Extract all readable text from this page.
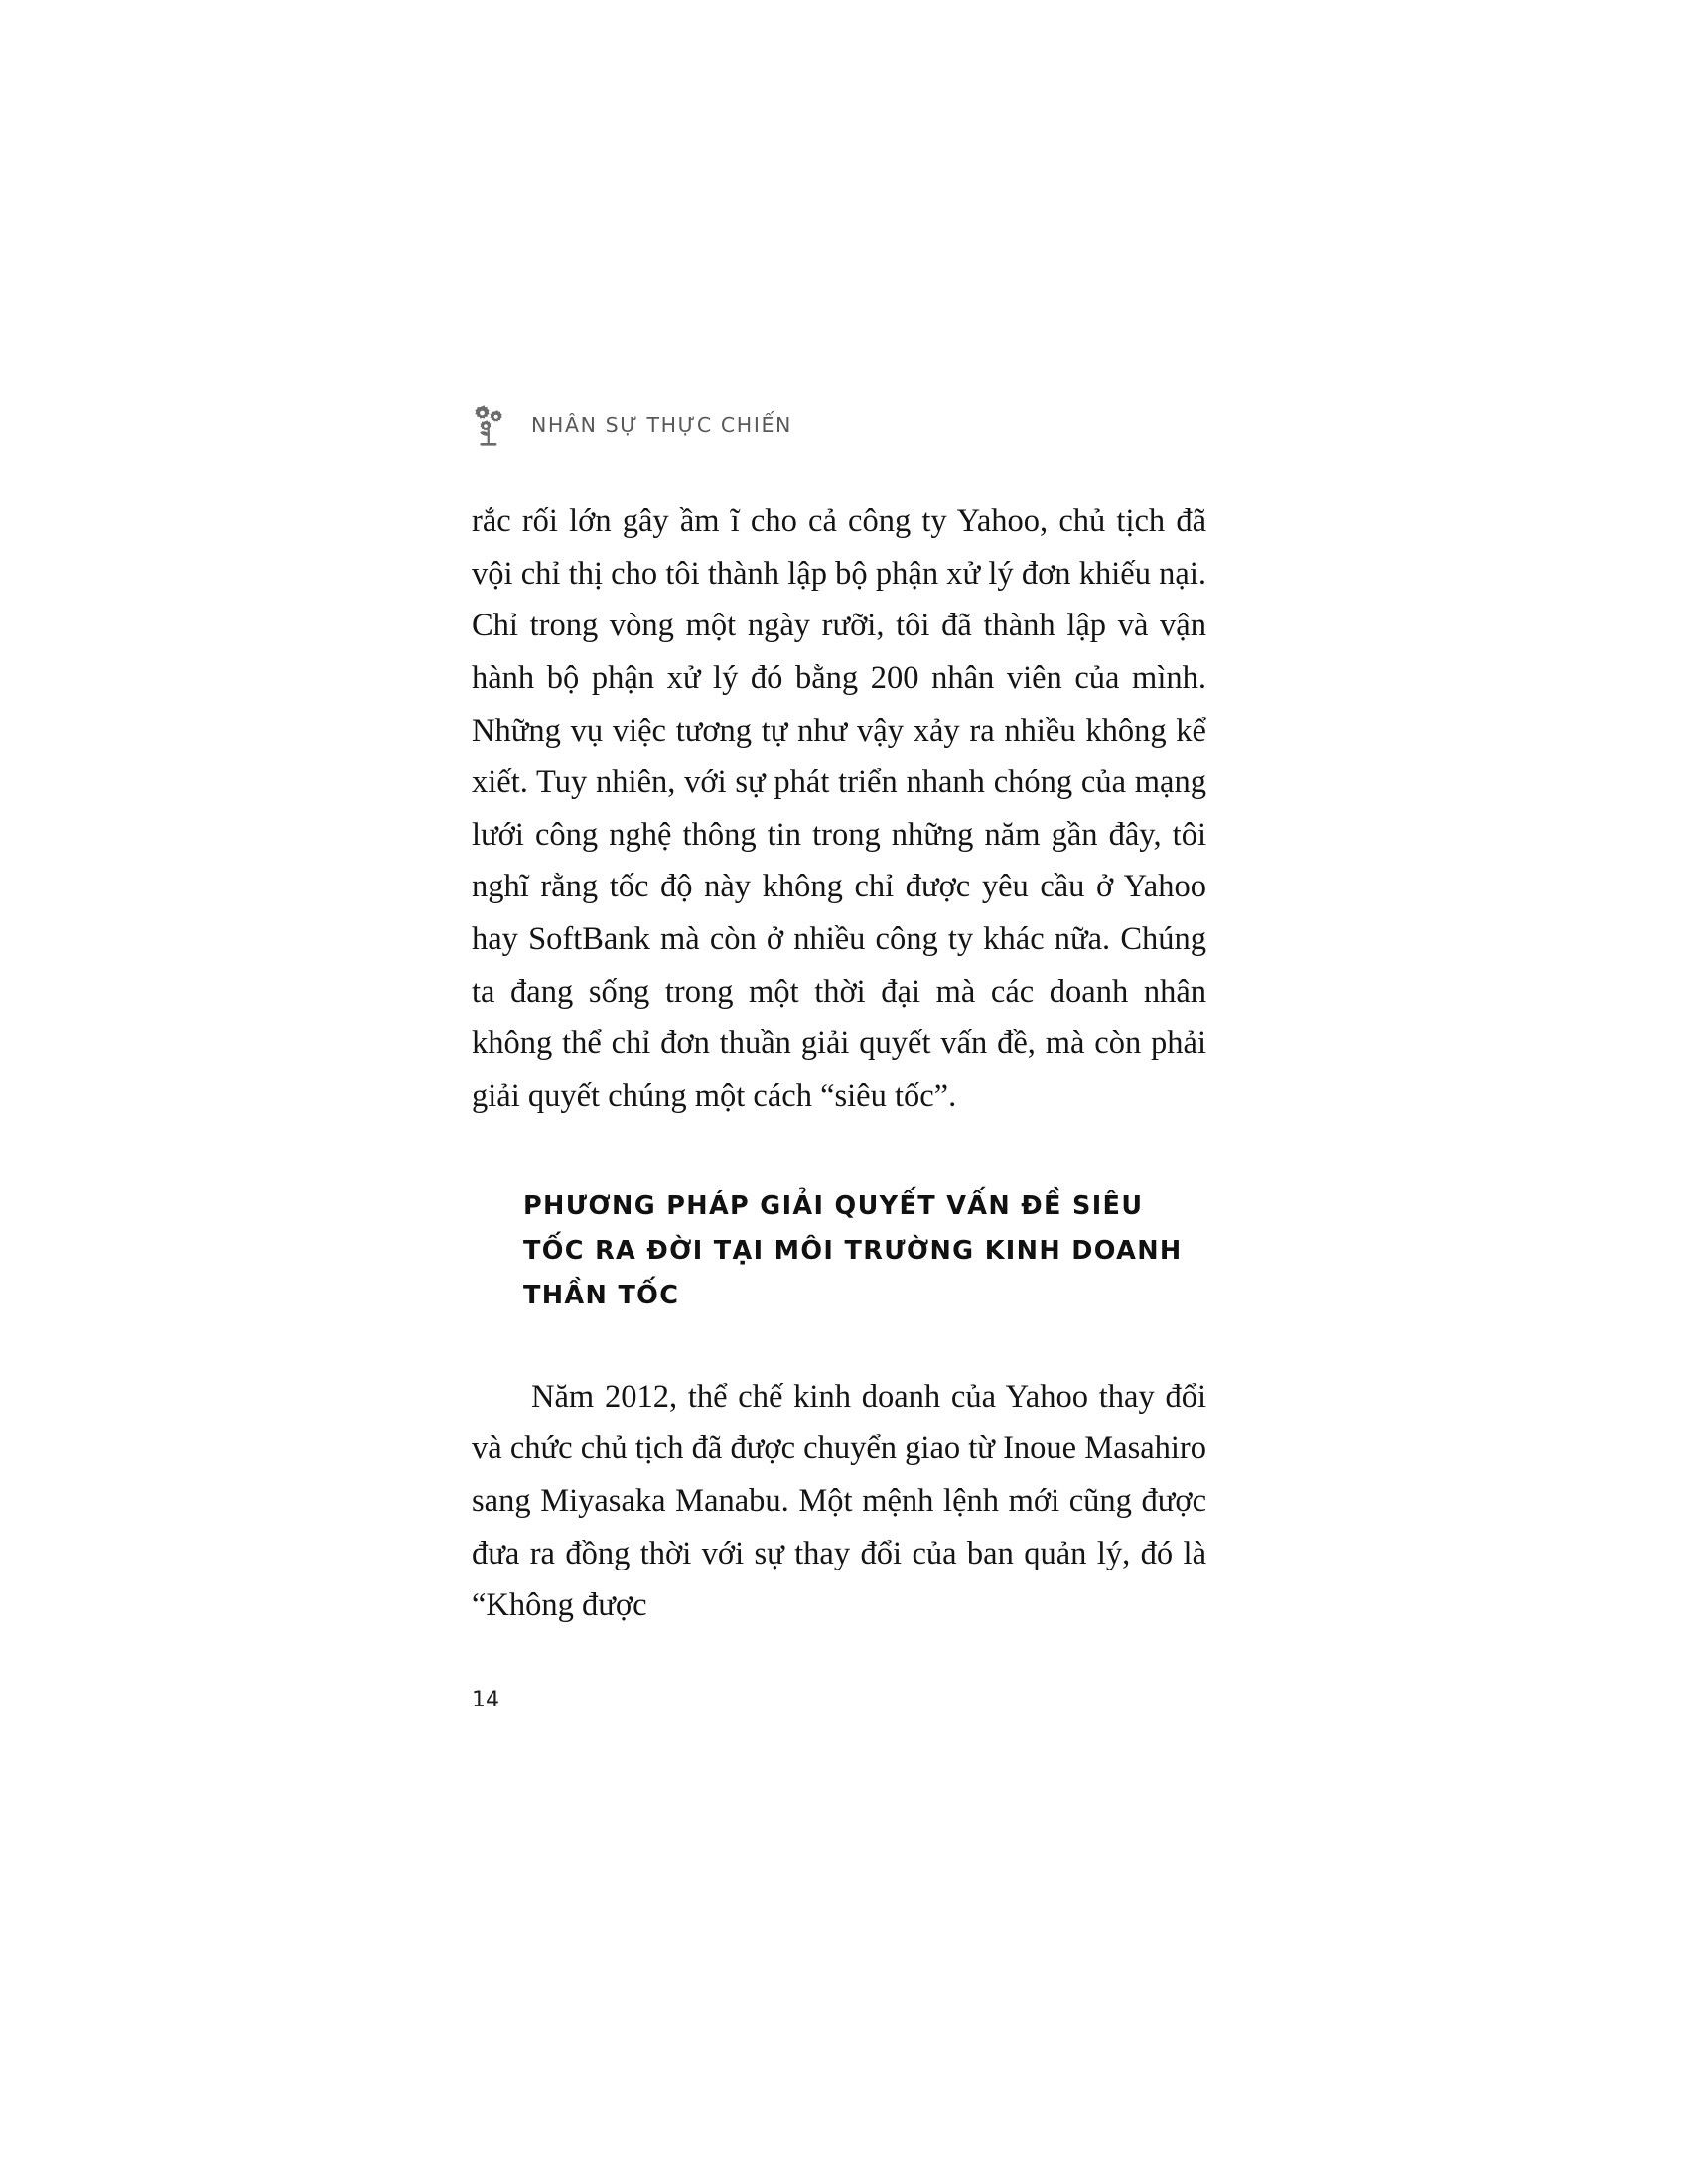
NHÂN SỰ THỰC CHIẾN

rắc rối lớn gây ầm ĩ cho cả công ty Yahoo, chủ tịch đã vội chỉ thị cho tôi thành lập bộ phận xử lý đơn khiếu nại. Chỉ trong vòng một ngày rưỡi, tôi đã thành lập và vận hành bộ phận xử lý đó bằng 200 nhân viên của mình. Những vụ việc tương tự như vậy xảy ra nhiều không kể xiết. Tuy nhiên, với sự phát triển nhanh chóng của mạng lưới công nghệ thông tin trong những năm gần đây, tôi nghĩ rằng tốc độ này không chỉ được yêu cầu ở Yahoo hay SoftBank mà còn ở nhiều công ty khác nữa. Chúng ta đang sống trong một thời đại mà các doanh nhân không thể chỉ đơn thuần giải quyết vấn đề, mà còn phải giải quyết chúng một cách “siêu tốc”.

PHƯƠNG PHÁP GIẢI QUYẾT VẤN ĐỀ SIÊU TỐC RA ĐỜI TẠI MÔI TRƯỜNG KINH DOANH THẦN TỐC

Năm 2012, thể chế kinh doanh của Yahoo thay đổi và chức chủ tịch đã được chuyển giao từ Inoue Masahiro sang Miyasaka Manabu. Một mệnh lệnh mới cũng được đưa ra đồng thời với sự thay đổi của ban quản lý, đó là “Không được

14
